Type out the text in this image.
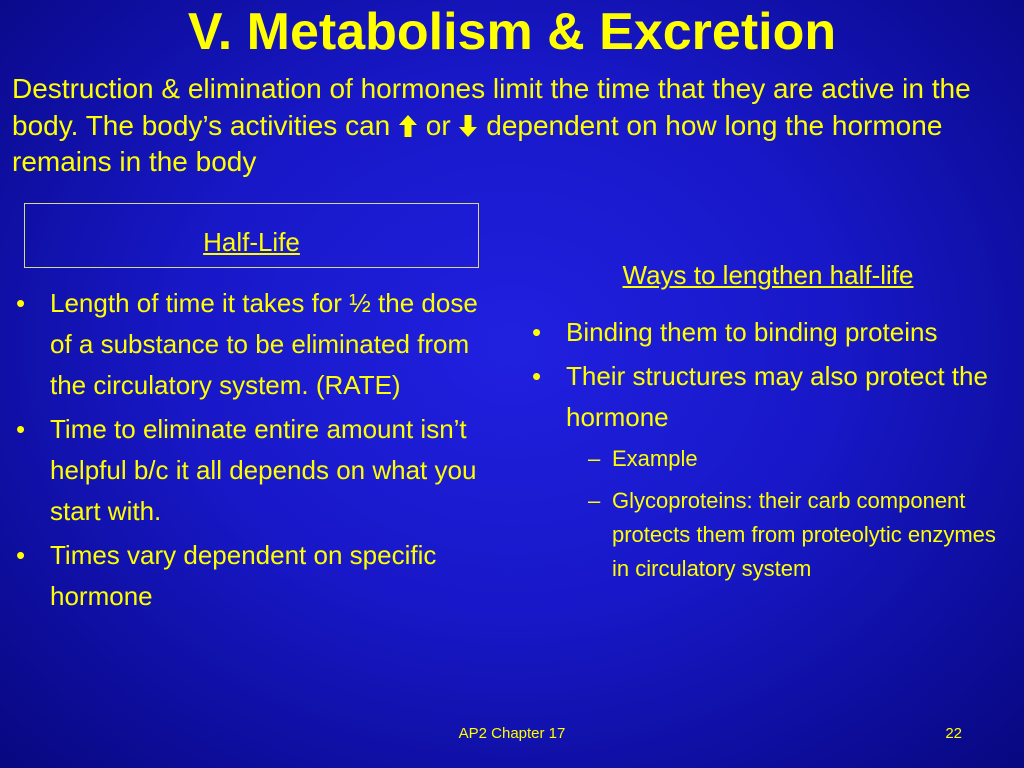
V. Metabolism & Excretion

Destruction & elimination of hormones limit the time that they are active in the body. The body’s activities can or dependent on how long the hormone remains in the body

Half-Life
• Length of time it takes for ½ the dose of a substance to be eliminated from the circulatory system. (RATE)
• Time to eliminate entire amount isn’t helpful b/c it all depends on what you start with.
• Times vary dependent on specific hormone
Ways to lengthen half-life
• Binding them to binding proteins
• Their structures may also protect the hormone
– Example
– Glycoproteins: their carb component protects them from proteolytic enzymes in circulatory system
AP2 Chapter 17	22
